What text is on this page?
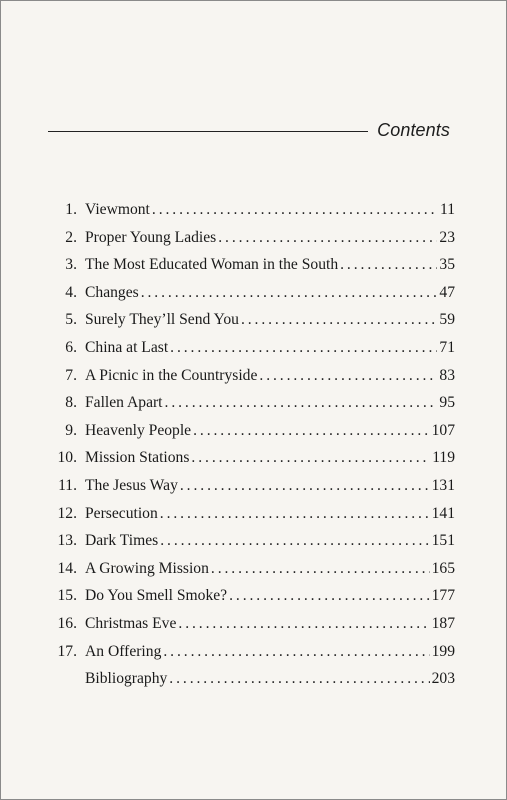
Contents
1. Viewmont . . .	11
2. Proper Young Ladies . . .	23
3. The Most Educated Woman in the South . . .	35
4. Changes . . .	47
5. Surely They’ll Send You . . .	59
6. China at Last . . .	71
7. A Picnic in the Countryside . . .	83
8. Fallen Apart . . .	95
9. Heavenly People . . .	107
10. Mission Stations . . .	119
11. The Jesus Way . . .	131
12. Persecution . . .	141
13. Dark Times . . .	151
14. A Growing Mission . . .	165
15. Do You Smell Smoke? . . .	177
16. Christmas Eve . . .	187
17. An Offering . . .	199
Bibliography . . .	203
